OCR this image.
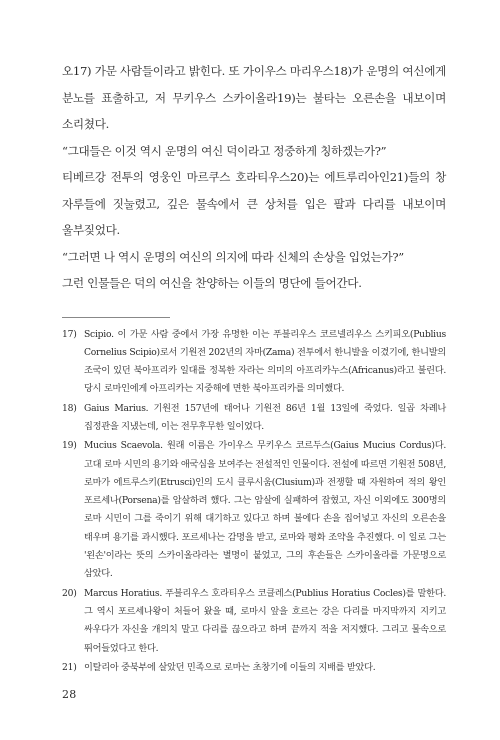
오17) 가문 사람들이라고 밝힌다. 또 가이우스 마리우스18)가 운명의 여신에게 분노를 표출하고, 저 무키우스 스카이올라19)는 불타는 오른손을 내보이며 소리쳤다.

“그대들은 이것 역시 운명의 여신 덕이라고 정중하게 칭하겠는가?”

티베르강 전투의 영웅인 마르쿠스 호라티우스20)는 에트루리아인21)들의 창 자루들에 짓눌렸고, 깊은 물속에서 큰 상처를 입은 팔과 다리를 내보이며 울부짖었다.

“그러면 나 역시 운명의 여신의 의지에 따라 신체의 손상을 입었는가?”

그런 인물들은 덕의 여신을 찬양하는 이들의 명단에 들어간다.

17) Scipio. 이 가문 사람 중에서 가장 유명한 이는 푸블리우스 코르넬리우스 스키피오(Publius Cornelius Scipio)로서 기원전 202년의 자마(Zama) 전투에서 한니발을 이겼기에, 한니발의 조국이 있던 북아프리카 일대를 정복한 자라는 의미의 아프리카누스(Africanus)라고 불린다. 당시 로마인에게 아프리카는 지중해에 면한 북아프리카를 의미했다.
18) Gaius Marius. 기원전 157년에 태어나 기원전 86년 1월 13일에 죽었다. 일곱 차례나 집정관을 지냈는데, 이는 전무후무한 일이었다.
19) Mucius Scaevola. 원래 이름은 가이우스 무키우스 코르두스(Gaius Mucius Cordus)다. 고대 로마 시민의 용기와 애국심을 보여주는 전설적인 인물이다. 전설에 따르면 기원전 508년, 로마가 에트루스키(Etrusci)인의 도시 클루시움(Clusium)과 전쟁할 때 자원하여 적의 왕인 포르세나(Porsena)를 암살하려 했다. 그는 암살에 실패하여 잡혔고, 자신 이외에도 300명의 로마 시민이 그를 죽이기 위해 대기하고 있다고 하며 불에다 손을 집어넣고 자신의 오른손을 태우며 용기를 과시했다. 포르세나는 감명을 받고, 로마와 평화 조약을 추진했다. 이 일로 그는 '왼손'이라는 뜻의 스카이올라라는 별명이 붙었고, 그의 후손들은 스카이올라를 가문명으로 삼았다.
20) Marcus Horatius. 푸블리우스 호라티우스 코클레스(Publius Horatius Cocles)를 말한다. 그 역시 포르세나왕이 처들어 왔을 때, 로마시 앞을 흐르는 강은 다리를 마지막까지 지키고 싸우다가 자신을 개의치 말고 다리를 끊으라고 하며 끝까지 적을 저지했다. 그리고 물속으로 뛰어들었다고 한다.
21) 이탈리아 중북부에 살았던 민족으로 로마는 초창기에 이들의 지배를 받았다.
28
